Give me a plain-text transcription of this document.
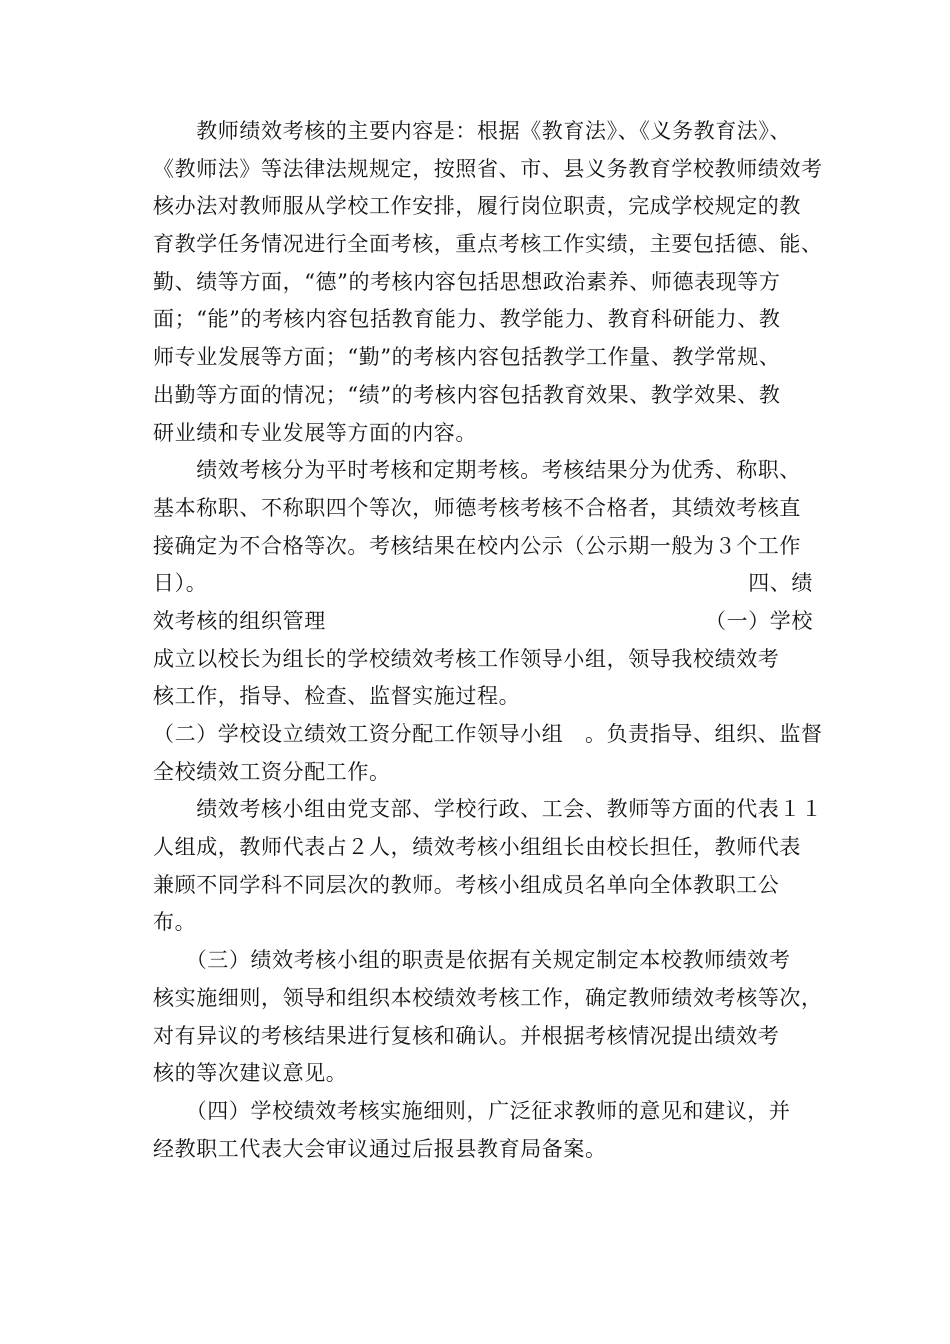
　　教师绩效考核的主要内容是：根据《教育法》、《义务教育法》、
《教师法》等法律法规规定，按照省、市、县义务教育学校教师绩效考
核办法对教师服从学校工作安排，履行岗位职责，完成学校规定的教
育教学任务情况进行全面考核，重点考核工作实绩，主要包括德、能、
勤、绩等方面，“德”的考核内容包括思想政治素养、师德表现等方
面；“能”的考核内容包括教育能力、教学能力、教育科研能力、教
师专业发展等方面；“勤”的考核内容包括教学工作量、教学常规、
出勤等方面的情况；“绩”的考核内容包括教育效果、教学效果、教
研业绩和专业发展等方面的内容。
　　绩效考核分为平时考核和定期考核。考核结果分为优秀、称职、
基本称职、不称职四个等次，师德考核考核不合格者，其绩效考核直
接确定为不合格等次。考核结果在校内公示（公示期一般为３个工作
日）。	四、绩
效考核的组织管理	（一）学校
成立以校长为组长的学校绩效考核工作领导小组，领导我校绩效考
核工作，指导、检查、监督实施过程。
（二）学校设立绩效工资分配工作领导小组　。负责指导、组织、监督
全校绩效工资分配工作。
　　绩效考核小组由党支部、学校行政、工会、教师等方面的代表１１
人组成，教师代表占２人，绩效考核小组组长由校长担任，教师代表
兼顾不同学科不同层次的教师。考核小组成员名单向全体教职工公
布。
　　（三）绩效考核小组的职责是依据有关规定制定本校教师绩效考
核实施细则，领导和组织本校绩效考核工作，确定教师绩效考核等次，
对有异议的考核结果进行复核和确认。并根据考核情况提出绩效考
核的等次建议意见。
　　（四）学校绩效考核实施细则，广泛征求教师的意见和建议，并
经教职工代表大会审议通过后报县教育局备案。
